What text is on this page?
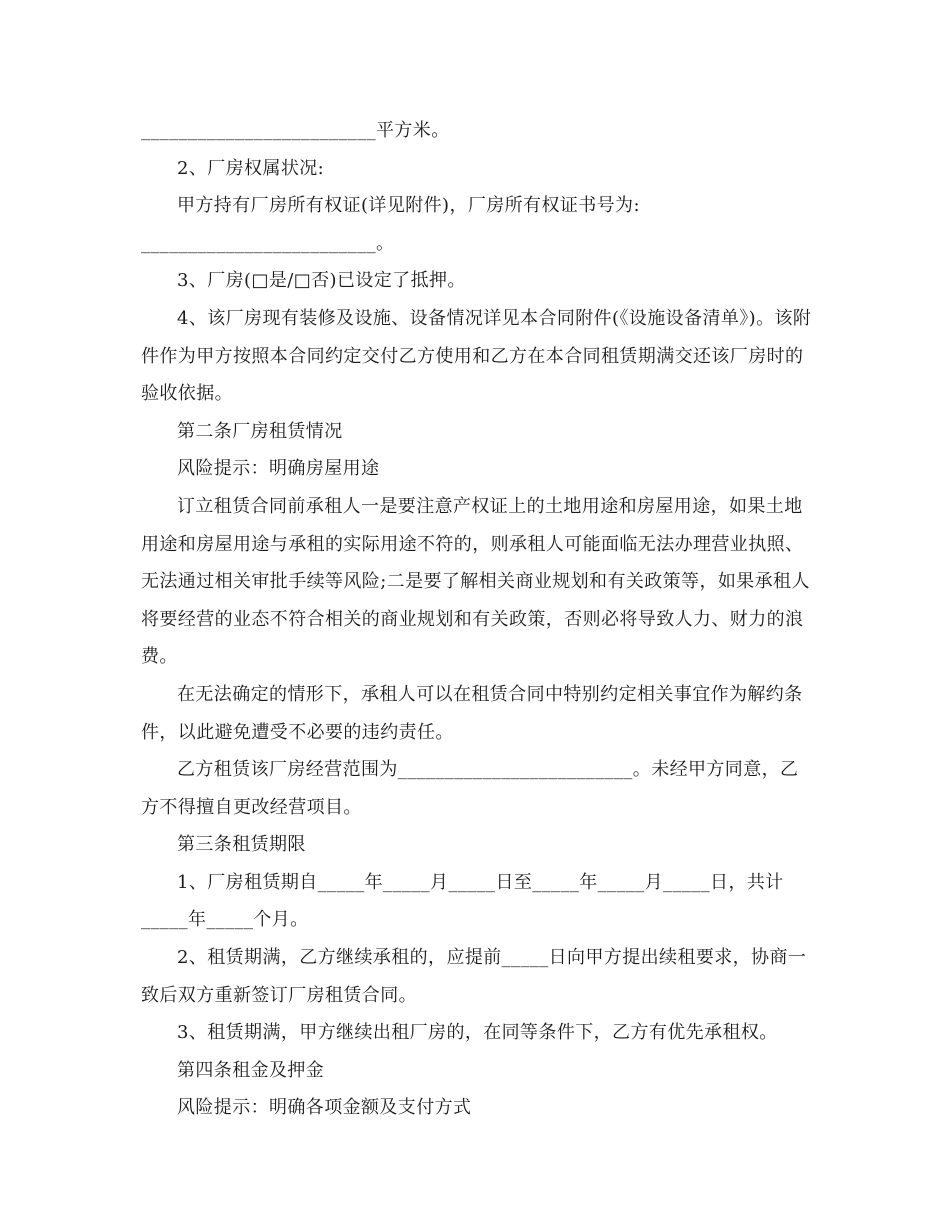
_________________________平方米。

2、厂房权属状况:

甲方持有厂房所有权证(详见附件)，厂房所有权证书号为:

_________________________。

3、厂房(□是/□否)已设定了抵押。

4、该厂房现有装修及设施、设备情况详见本合同附件(《设施设备清单》)。该附件作为甲方按照本合同约定交付乙方使用和乙方在本合同租赁期满交还该厂房时的验收依据。

第二条厂房租赁情况

风险提示：明确房屋用途

订立租赁合同前承租人一是要注意产权证上的土地用途和房屋用途，如果土地用途和房屋用途与承租的实际用途不符的，则承租人可能面临无法办理营业执照、无法通过相关审批手续等风险;二是要了解相关商业规划和有关政策等，如果承租人将要经营的业态不符合相关的商业规划和有关政策，否则必将导致人力、财力的浪费。

在无法确定的情形下，承租人可以在租赁合同中特别约定相关事宜作为解约条件，以此避免遭受不必要的违约责任。

乙方租赁该厂房经营范围为_________________________。未经甲方同意，乙方不得擅自更改经营项目。

第三条租赁期限

1、厂房租赁期自_____年_____月_____日至_____年_____月_____日，共计_____年_____个月。

2、租赁期满，乙方继续承租的，应提前_____日向甲方提出续租要求，协商一致后双方重新签订厂房租赁合同。

3、租赁期满，甲方继续出租厂房的，在同等条件下，乙方有优先承租权。

第四条租金及押金

风险提示：明确各项金额及支付方式
